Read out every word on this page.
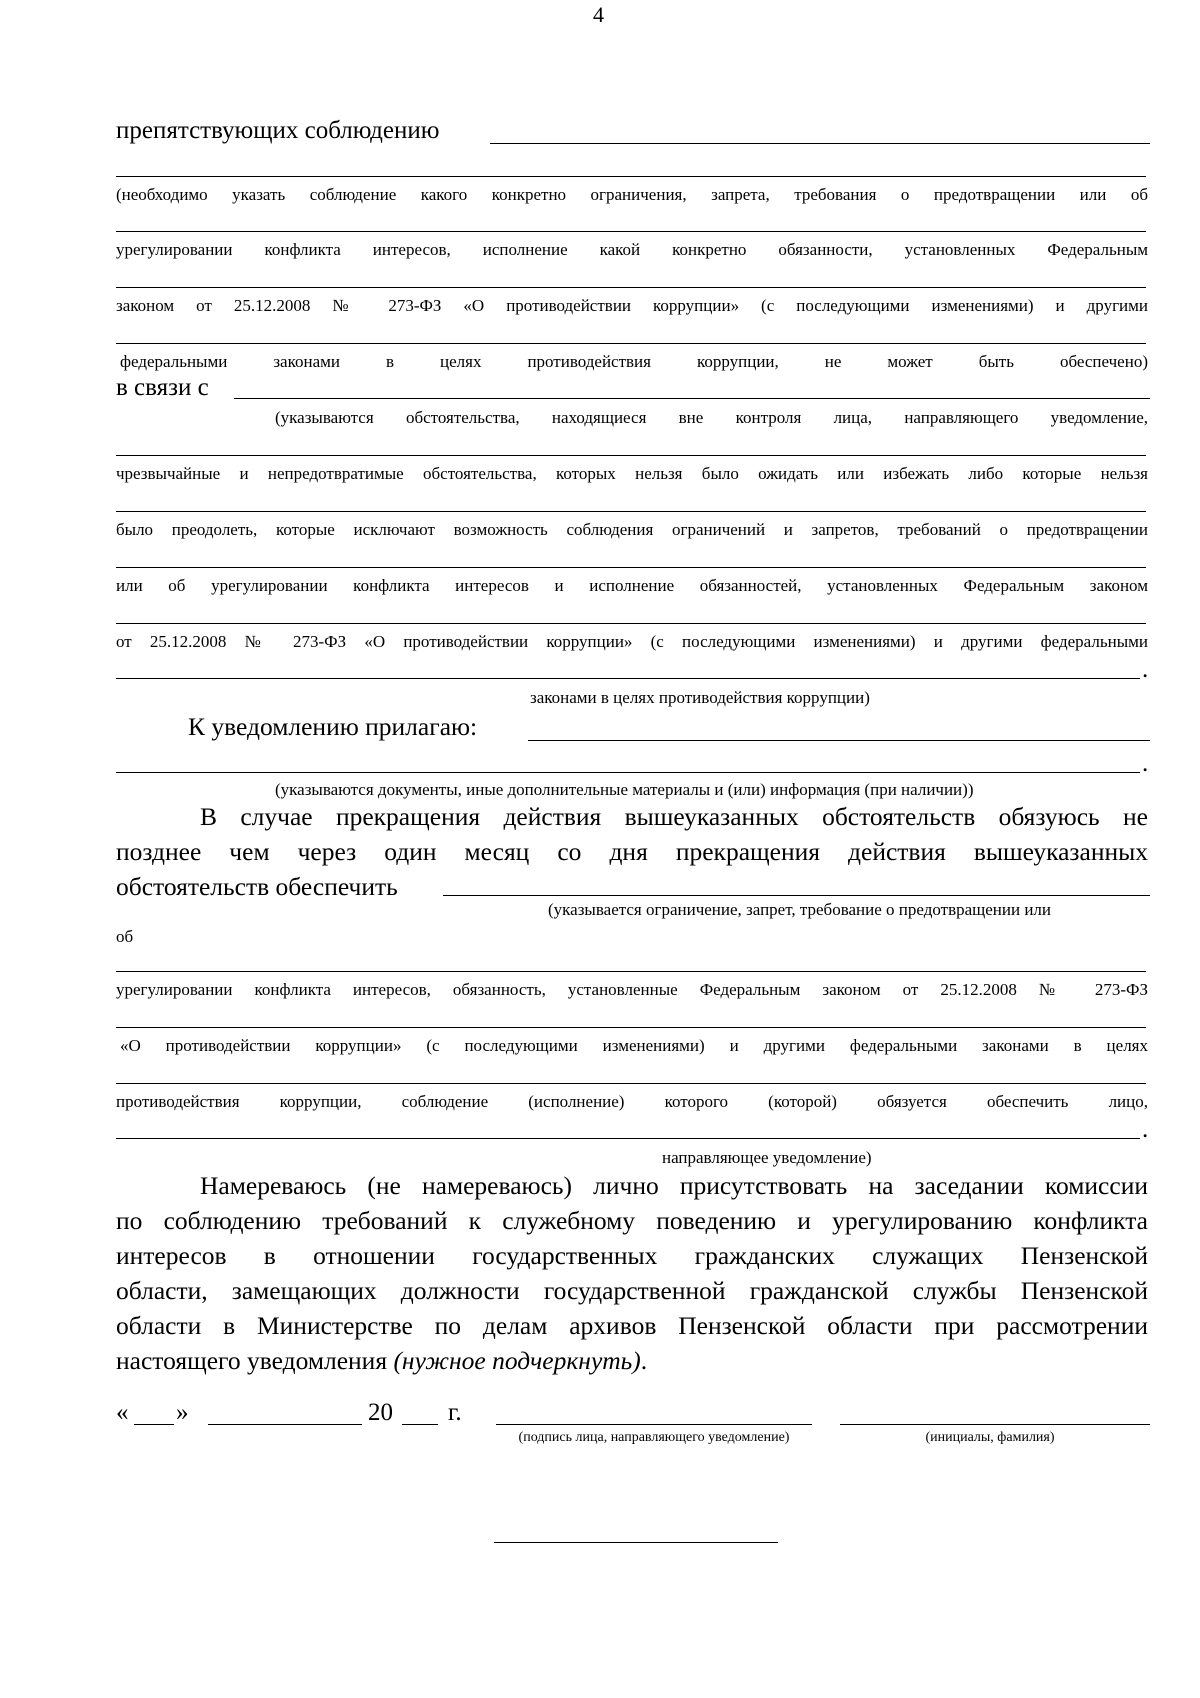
4
препятствующих соблюдению
(необходимо указать соблюдение какого конкретно ограничения, запрета, требования о предотвращении или об
урегулировании конфликта интересов, исполнение какой конкретно обязанности, установленных Федеральным
законом от 25.12.2008 № 273-ФЗ «О противодействии коррупции» (с последующими изменениями) и другими
федеральными законами в целях противодействия коррупции, не может быть обеспечено)
в связи с
(указываются обстоятельства, находящиеся вне контроля лица, направляющего уведомление,
чрезвычайные и непредотвратимые обстоятельства, которых нельзя было ожидать или избежать либо которые нельзя
было преодолеть, которые исключают возможность соблюдения ограничений и запретов, требований о предотвращении
или об урегулировании конфликта интересов и исполнение обязанностей, установленных Федеральным законом
от 25.12.2008 № 273-ФЗ «О противодействии коррупции» (с последующими изменениями) и другими федеральными
.
законами в целях противодействия коррупции)
К уведомлению прилагаю:
.
(указываются документы, иные дополнительные материалы и (или) информация (при наличии))
В случае прекращения действия вышеуказанных обстоятельств обязуюсь не
позднее чем через один месяц со дня прекращения действия вышеуказанных
обстоятельств обеспечить
(указывается ограничение, запрет, требование о предотвращении или
об
урегулировании конфликта интересов, обязанность, установленные Федеральным законом от 25.12.2008 № 273-ФЗ
«О противодействии коррупции» (с последующими изменениями) и другими федеральными законами в целях
противодействия коррупции, соблюдение (исполнение) которого (которой) обязуется обеспечить лицо,
.
направляющее уведомление)
Намереваюсь (не намереваюсь) лично присутствовать на заседании комиссии
по соблюдению требований к служебному поведению и урегулированию конфликта
интересов в отношении государственных гражданских служащих Пензенской
области, замещающих должности государственной гражданской службы Пензенской
области в Министерстве по делам архивов Пензенской области при рассмотрении
настоящего уведомления (нужное подчеркнуть).
« »	20 г.
(подпись лица, направляющего уведомление)	(инициалы, фамилия)
